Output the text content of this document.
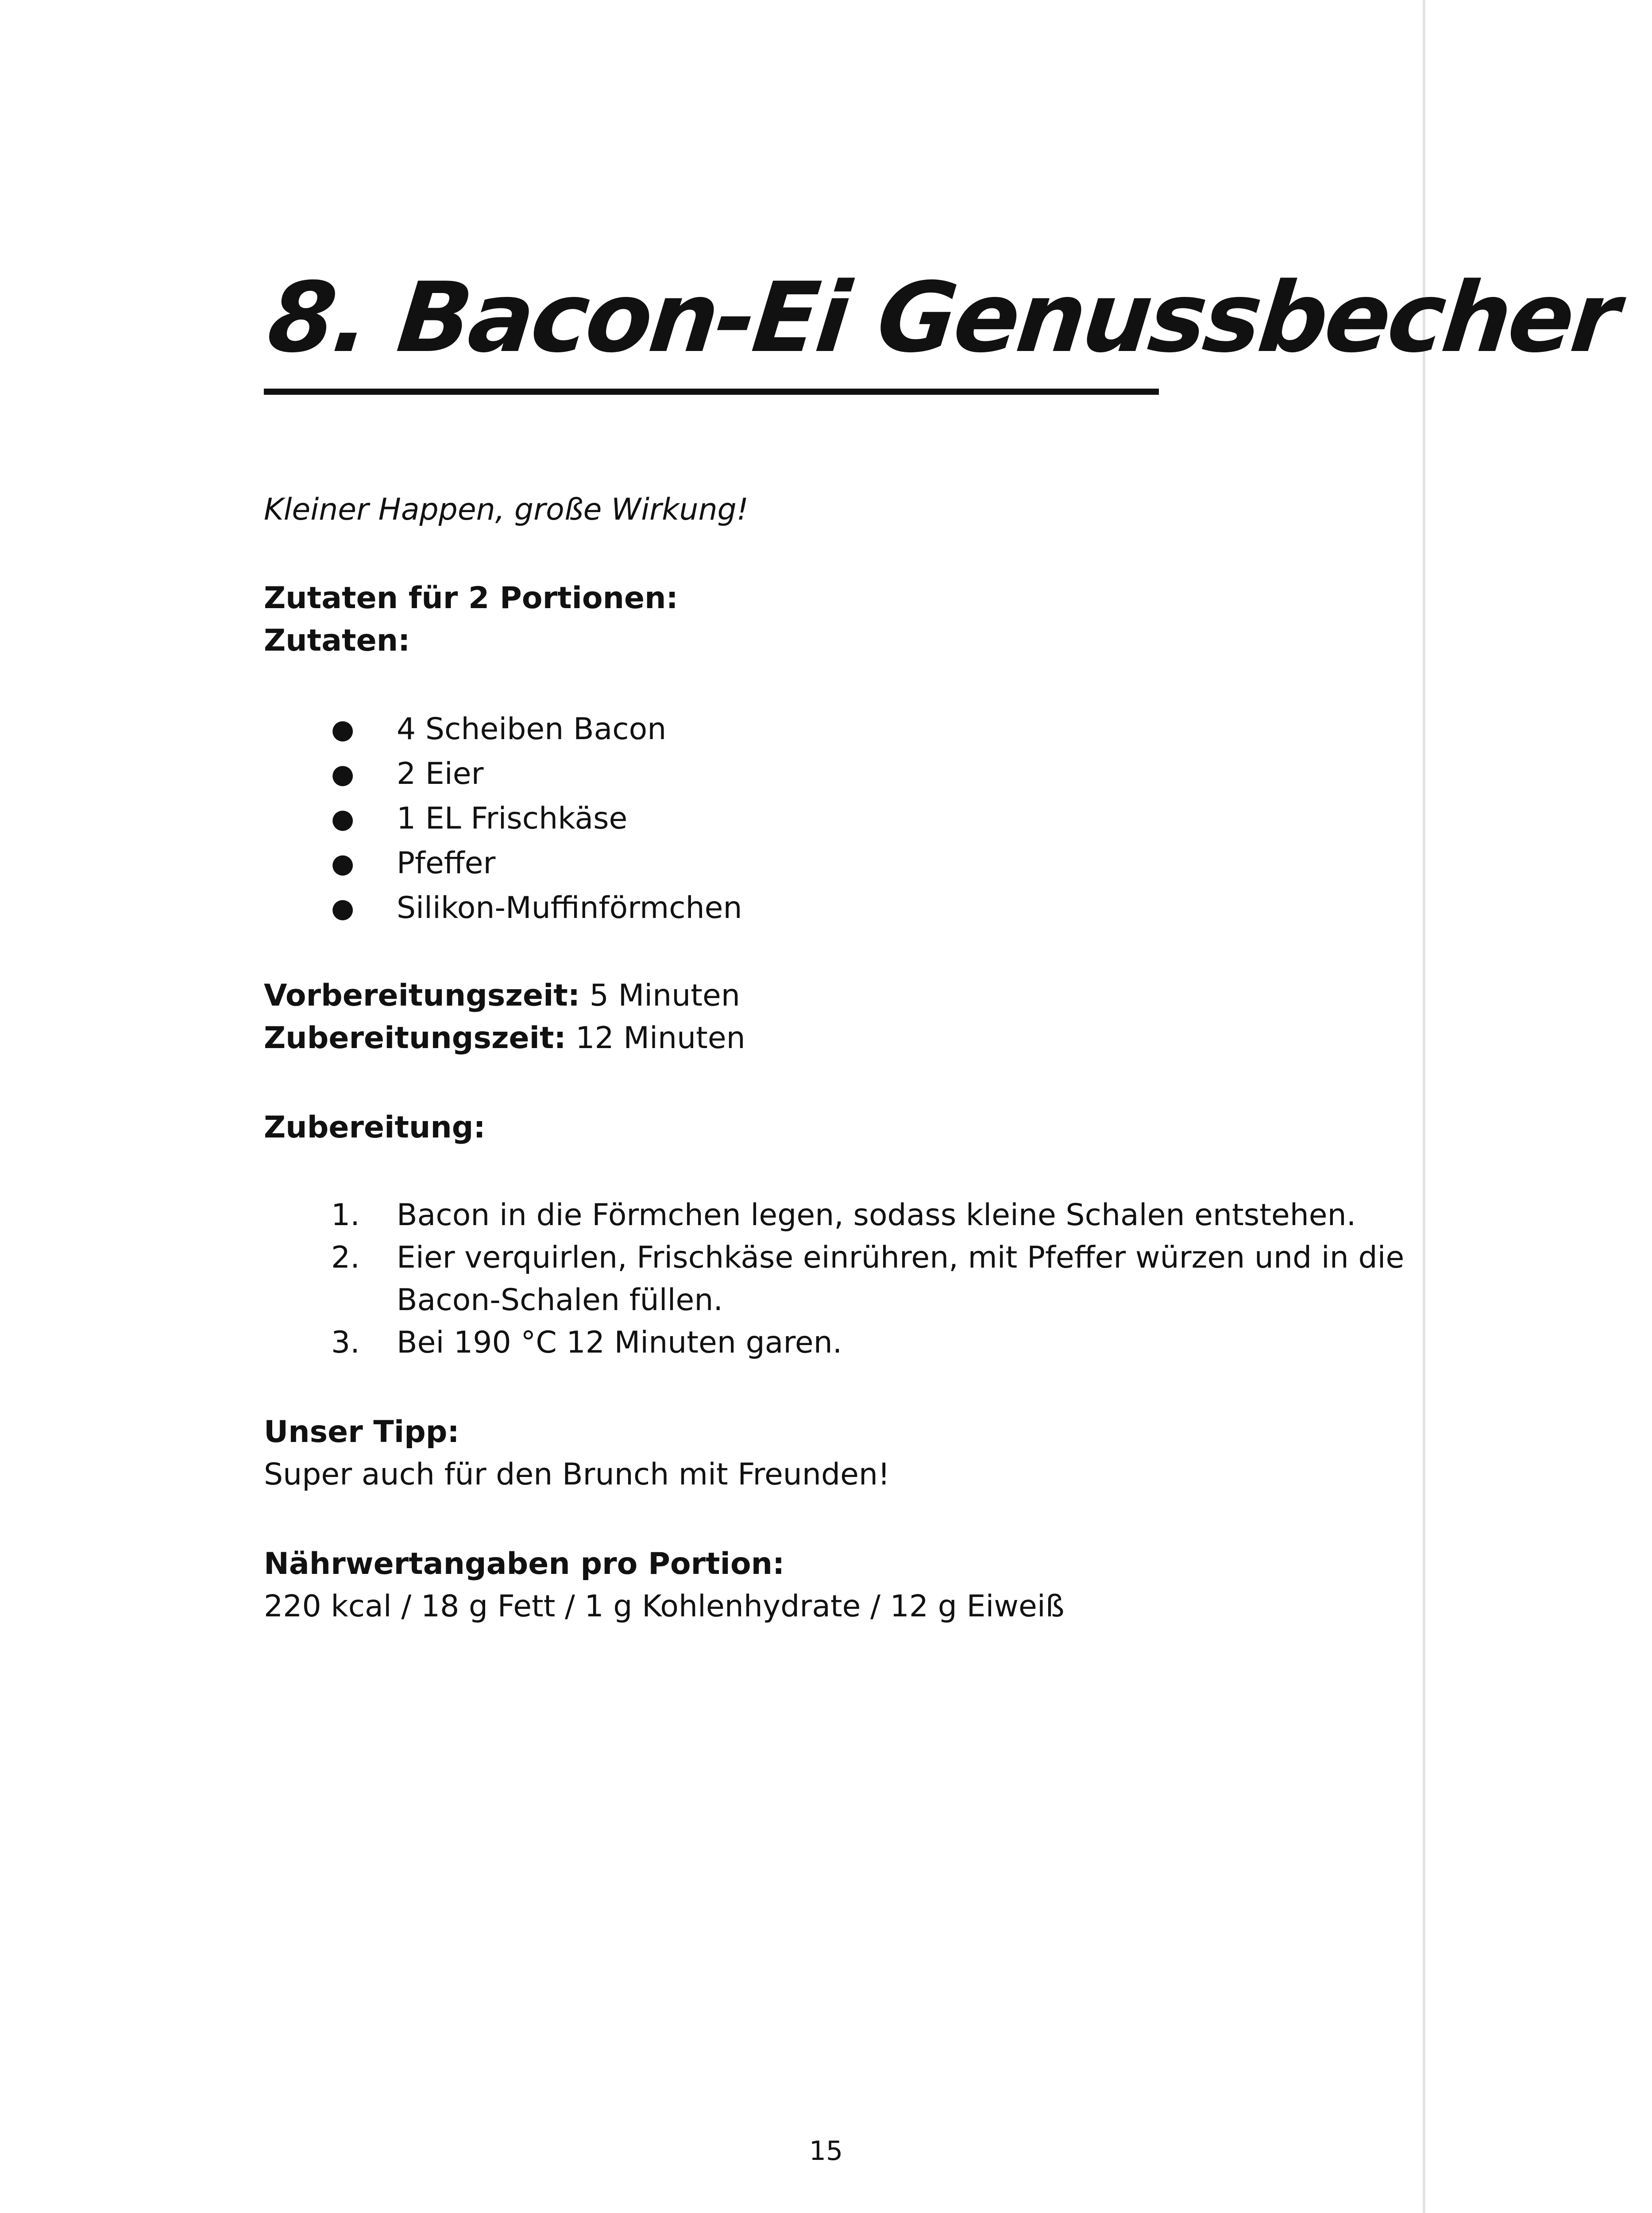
8. Bacon-Ei Genussbecher
Kleiner Happen, große Wirkung!
Zutaten für 2 Portionen:
Zutaten:
● 4 Scheiben Bacon
● 2 Eier
● 1 EL Frischkäse
● Pfeffer
● Silikon-Muffinförmchen
Vorbereitungszeit: 5 Minuten
Zubereitungszeit: 12 Minuten
Zubereitung:
1. Bacon in die Förmchen legen, sodass kleine Schalen entstehen.
2. Eier verquirlen, Frischkäse einrühren, mit Pfeffer würzen und in die
Bacon-Schalen füllen.
3. Bei 190 °C 12 Minuten garen.
Unser Tipp:
Super auch für den Brunch mit Freunden!
Nährwertangaben pro Portion:
220 kcal / 18 g Fett / 1 g Kohlenhydrate / 12 g Eiweiß
15
